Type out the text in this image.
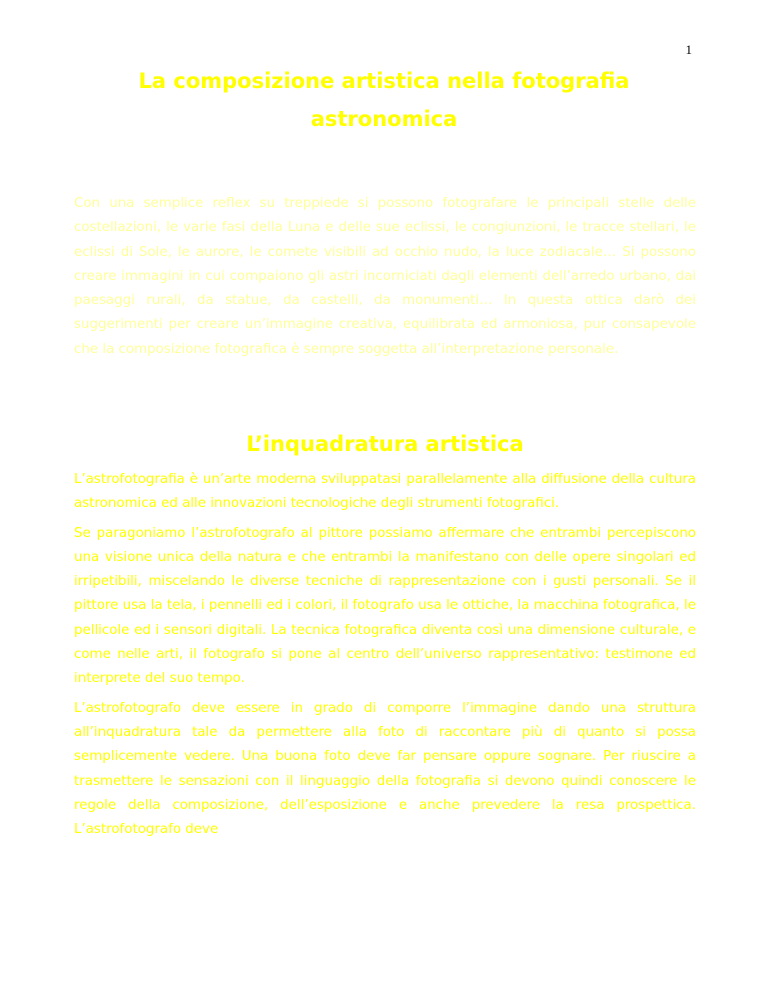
1
La composizione artistica nella fotografia astronomica

Con una semplice reflex su treppiede si possono fotografare le principali stelle delle costellazioni, le varie fasi della Luna e delle sue eclissi, le congiunzioni, le tracce stellari, le eclissi di Sole, le aurore, le comete visibili ad occhio nudo, la luce zodiacale… Si possono creare immagini in cui compaiono gli astri incorniciati dagli elementi dell’arredo urbano, dai paesaggi rurali, da statue, da castelli, da monumenti… In questa ottica darò dei suggerimenti per creare un’immagine creativa, equilibrata ed armoniosa, pur consapevole che la composizione fotografica è sempre soggetta all’interpretazione personale.

L’inquadratura artistica

L’astrofotografia è un’arte moderna sviluppatasi parallelamente alla diffusione della cultura astronomica ed alle innovazioni tecnologiche degli strumenti fotografici.

Se paragoniamo l’astrofotografo al pittore possiamo affermare che entrambi percepiscono una visione unica della natura e che entrambi la manifestano con delle opere singolari ed irripetibili, miscelando le diverse tecniche di rappresentazione con i gusti personali. Se il pittore usa la tela, i pennelli ed i colori, il fotografo usa le ottiche, la macchina fotografica, le pellicole ed i sensori digitali. La tecnica fotografica diventa così una dimensione culturale, e come nelle arti, il fotografo si pone al centro dell’universo rappresentativo: testimone ed interprete del suo tempo.

L’astrofotografo deve essere in grado di comporre l’immagine dando una struttura all’inquadratura tale da permettere alla foto di raccontare più di quanto si possa semplicemente vedere. Una buona foto deve far pensare oppure sognare. Per riuscire a trasmettere le sensazioni con il linguaggio della fotografia si devono quindi conoscere le regole della composizione, dell’esposizione e anche prevedere la resa prospettica. L’astrofotografo deve
